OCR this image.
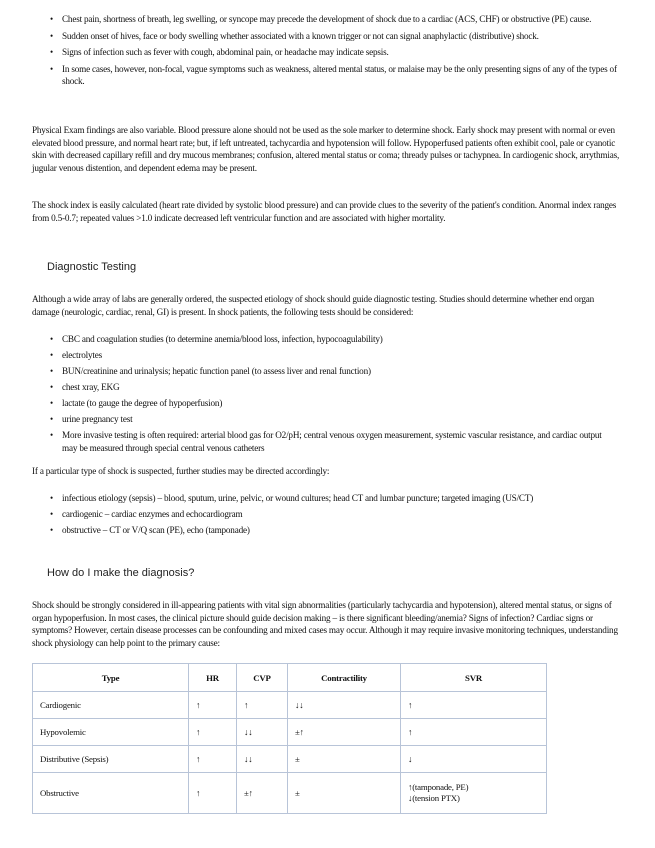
• Chest pain, shortness of breath, leg swelling, or syncope may precede the development of shock due to a cardiac (ACS, CHF) or obstructive (PE) cause.
• Sudden onset of hives, face or body swelling whether associated with a known trigger or not can signal anaphylactic (distributive) shock.
• Signs of infection such as fever with cough, abdominal pain, or headache may indicate sepsis.
• In some cases, however, non-focal, vague symptoms such as weakness, altered mental status, or malaise may be the only presenting signs of any of the types of shock.

Physical Exam findings are also variable. Blood pressure alone should not be used as the sole marker to determine shock. Early shock may present with normal or even elevated blood pressure, and normal heart rate; but, if left untreated, tachycardia and hypotension will follow. Hypoperfused patients often exhibit cool, pale or cyanotic skin with decreased capillary refill and dry mucous membranes; confusion, altered mental status or coma; thready pulses or tachypnea. In cardiogenic shock, arrythmias, jugular venous distention, and dependent edema may be present.

The shock index is easily calculated (heart rate divided by systolic blood pressure) and can provide clues to the severity of the patient's condition. Anormal index ranges from 0.5-0.7; repeated values >1.0 indicate decreased left ventricular function and are associated with higher mortality.

Diagnostic Testing

Although a wide array of labs are generally ordered, the suspected etiology of shock should guide diagnostic testing. Studies should determine whether end organ damage (neurologic, cardiac, renal, GI) is present. In shock patients, the following tests should be considered:

• CBC and coagulation studies (to determine anemia/blood loss, infection, hypocoagulability)
• electrolytes
• BUN/creatinine and urinalysis; hepatic function panel (to assess liver and renal function)
• chest xray, EKG
• lactate (to gauge the degree of hypoperfusion)
• urine pregnancy test
• More invasive testing is often required: arterial blood gas for O2/pH; central venous oxygen measurement, systemic vascular resistance, and cardiac output may be measured through special central venous catheters

If a particular type of shock is suspected, further studies may be directed accordingly:

• infectious etiology (sepsis) – blood, sputum, urine, pelvic, or wound cultures; head CT and lumbar puncture; targeted imaging (US/CT)
• cardiogenic – cardiac enzymes and echocardiogram
• obstructive – CT or V/Q scan (PE), echo (tamponade)
How do I make the diagnosis?

Shock should be strongly considered in ill-appearing patients with vital sign abnormalities (particularly tachycardia and hypotension), altered mental status, or signs of organ hypoperfusion. In most cases, the clinical picture should guide decision making – is there significant bleeding/anemia? Signs of infection? Cardiac signs or symptoms? However, certain disease processes can be confounding and mixed cases may occur. Although it may require invasive monitoring techniques, understanding shock physiology can help point to the primary cause:

Type	HR	CVP	Contractility	SVR
Cardiogenic	↑	↑	↓↓	↑
Hypovolemic	↑	↓↓	±↑	↑
Distributive (Sepsis)	↑	↓↓	±	↓
Obstructive	↑	±↑	±	↑(tamponade, PE)
↓(tension PTX)
